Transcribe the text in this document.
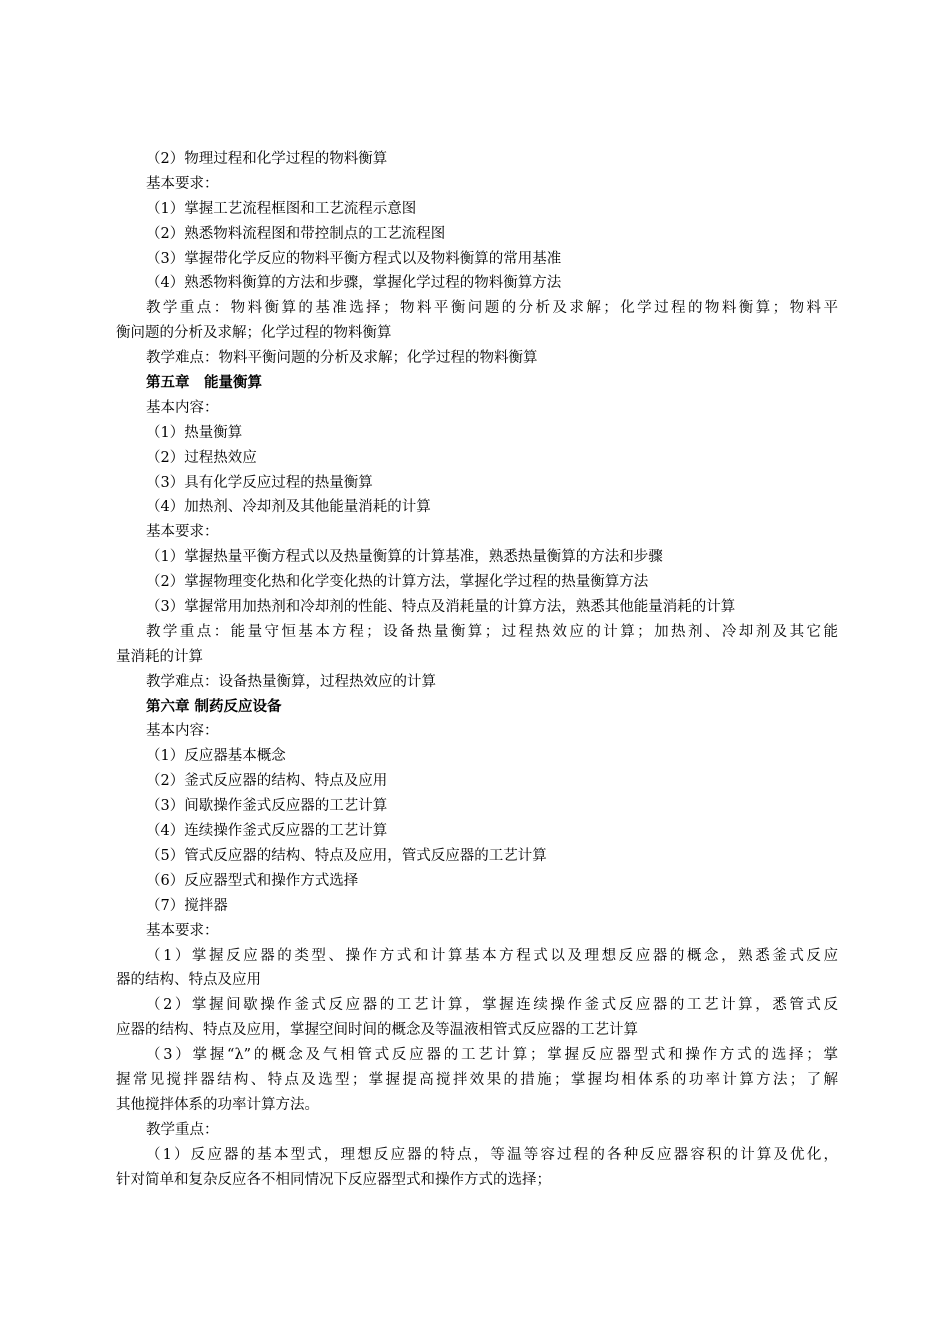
（2）物理过程和化学过程的物料衡算
基本要求：
（1）掌握工艺流程框图和工艺流程示意图
（2）熟悉物料流程图和带控制点的工艺流程图
（3）掌握带化学反应的物料平衡方程式以及物料衡算的常用基准
（4）熟悉物料衡算的方法和步骤，掌握化学过程的物料衡算方法
教学重点：物料衡算的基准选择；物料平衡问题的分析及求解；化学过程的物料衡算；物料平
衡问题的分析及求解；化学过程的物料衡算
教学难点：物料平衡问题的分析及求解；化学过程的物料衡算
第五章　能量衡算
基本内容：
（1）热量衡算
（2）过程热效应
（3）具有化学反应过程的热量衡算
（4）加热剂、冷却剂及其他能量消耗的计算
基本要求：
（1）掌握热量平衡方程式以及热量衡算的计算基准，熟悉热量衡算的方法和步骤
（2）掌握物理变化热和化学变化热的计算方法，掌握化学过程的热量衡算方法
（3）掌握常用加热剂和冷却剂的性能、特点及消耗量的计算方法，熟悉其他能量消耗的计算
教学重点：能量守恒基本方程；设备热量衡算；过程热效应的计算；加热剂、冷却剂及其它能
量消耗的计算
教学难点：设备热量衡算，过程热效应的计算
第六章 制药反应设备
基本内容：
（1）反应器基本概念
（2）釜式反应器的结构、特点及应用
（3）间歇操作釜式反应器的工艺计算
（4）连续操作釜式反应器的工艺计算
（5）管式反应器的结构、特点及应用，管式反应器的工艺计算
（6）反应器型式和操作方式选择
（7）搅拌器
基本要求：
（1）掌握反应器的类型、操作方式和计算基本方程式以及理想反应器的概念，熟悉釜式反应
器的结构、特点及应用
（2）掌握间歇操作釜式反应器的工艺计算，掌握连续操作釜式反应器的工艺计算，悉管式反
应器的结构、特点及应用，掌握空间时间的概念及等温液相管式反应器的工艺计算
（3）掌握“λ”的概念及气相管式反应器的工艺计算；掌握反应器型式和操作方式的选择；掌
握常见搅拌器结构、特点及选型；掌握提高搅拌效果的措施；掌握均相体系的功率计算方法；了解
其他搅拌体系的功率计算方法。
教学重点：
（1）反应器的基本型式，理想反应器的特点，等温等容过程的各种反应器容积的计算及优化，
针对简单和复杂反应各不相同情况下反应器型式和操作方式的选择；
